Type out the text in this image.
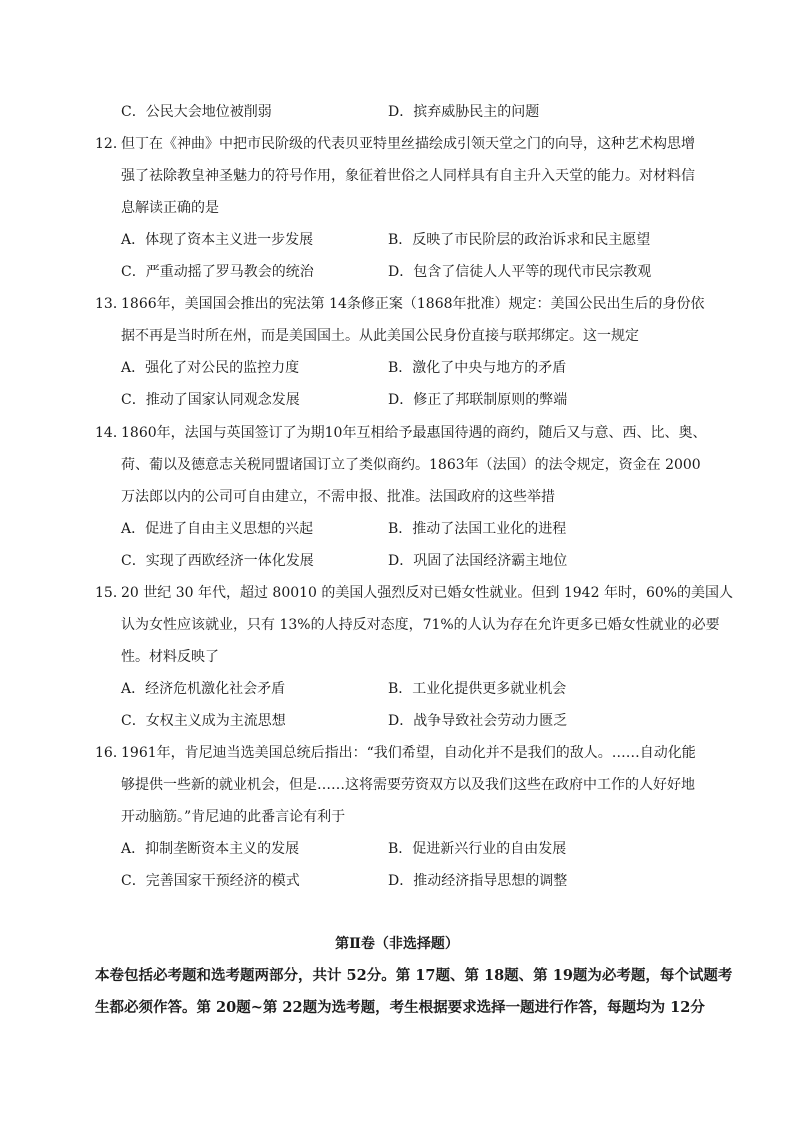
C．公民大会地位被削弱	D．摈弃威胁民主的问题
12．
但丁在《神曲》中把市民阶级的代表贝亚特里丝描绘成引领天堂之门的向导，这种艺术构思增
强了祛除教皇神圣魅力的符号作用，象征着世俗之人同样具有自主升入天堂的能力。对材料信
息解读正确的是
A．体现了资本主义进一步发展	B．反映了市民阶层的政治诉求和民主愿望
C．严重动摇了罗马教会的统治	D．包含了信徒人人平等的现代市民宗教观
13．
1866年，美国国会推出的宪法第 14条修正案（1868年批准）规定：美国公民出生后的身份依
据不再是当时所在州，而是美国国土。从此美国公民身份直接与联邦绑定。这一规定
A．强化了对公民的监控力度	B．激化了中央与地方的矛盾
C．推动了国家认同观念发展	D．修正了邦联制原则的弊端
14．
1860年，法国与英国签订了为期10年互相给予最惠国待遇的商约，随后又与意、西、比、奥、
荷、葡以及德意志关税同盟诸国订立了类似商约。1863年（法国）的法令规定，资金在 2000
万法郎以内的公司可自由建立，不需申报、批准。法国政府的这些举措
A．促进了自由主义思想的兴起	B．推动了法国工业化的进程
C．实现了西欧经济一体化发展	D．巩固了法国经济霸主地位
15．
20 世纪 30 年代，超过 80010 的美国人强烈反对已婚女性就业。但到 1942 年时，60%的美国人
认为女性应该就业，只有 13%的人持反对态度，71%的人认为存在允许更多已婚女性就业的必要
性。材料反映了
A．经济危机激化社会矛盾	B．工业化提供更多就业机会
C．女权主义成为主流思想	D．战争导致社会劳动力匮乏
16．
1961年，肯尼迪当选美国总统后指出：“我们希望，自动化并不是我们的敌人。……自动化能
够提供一些新的就业机会，但是……这将需要劳资双方以及我们这些在政府中工作的人好好地
开动脑筋。”肯尼迪的此番言论有利于
A．抑制垄断资本主义的发展	B．促进新兴行业的自由发展
C．完善国家干预经济的模式	D．推动经济指导思想的调整
第Ⅱ卷（非选择题）
本卷包括必考题和选考题两部分，共计 52分。第 17题、第 18题、第 19题为必考题，每个试题考
生都必须作答。第 20题~第 22题为选考题，考生根据要求选择一题进行作答，每题均为 12分
